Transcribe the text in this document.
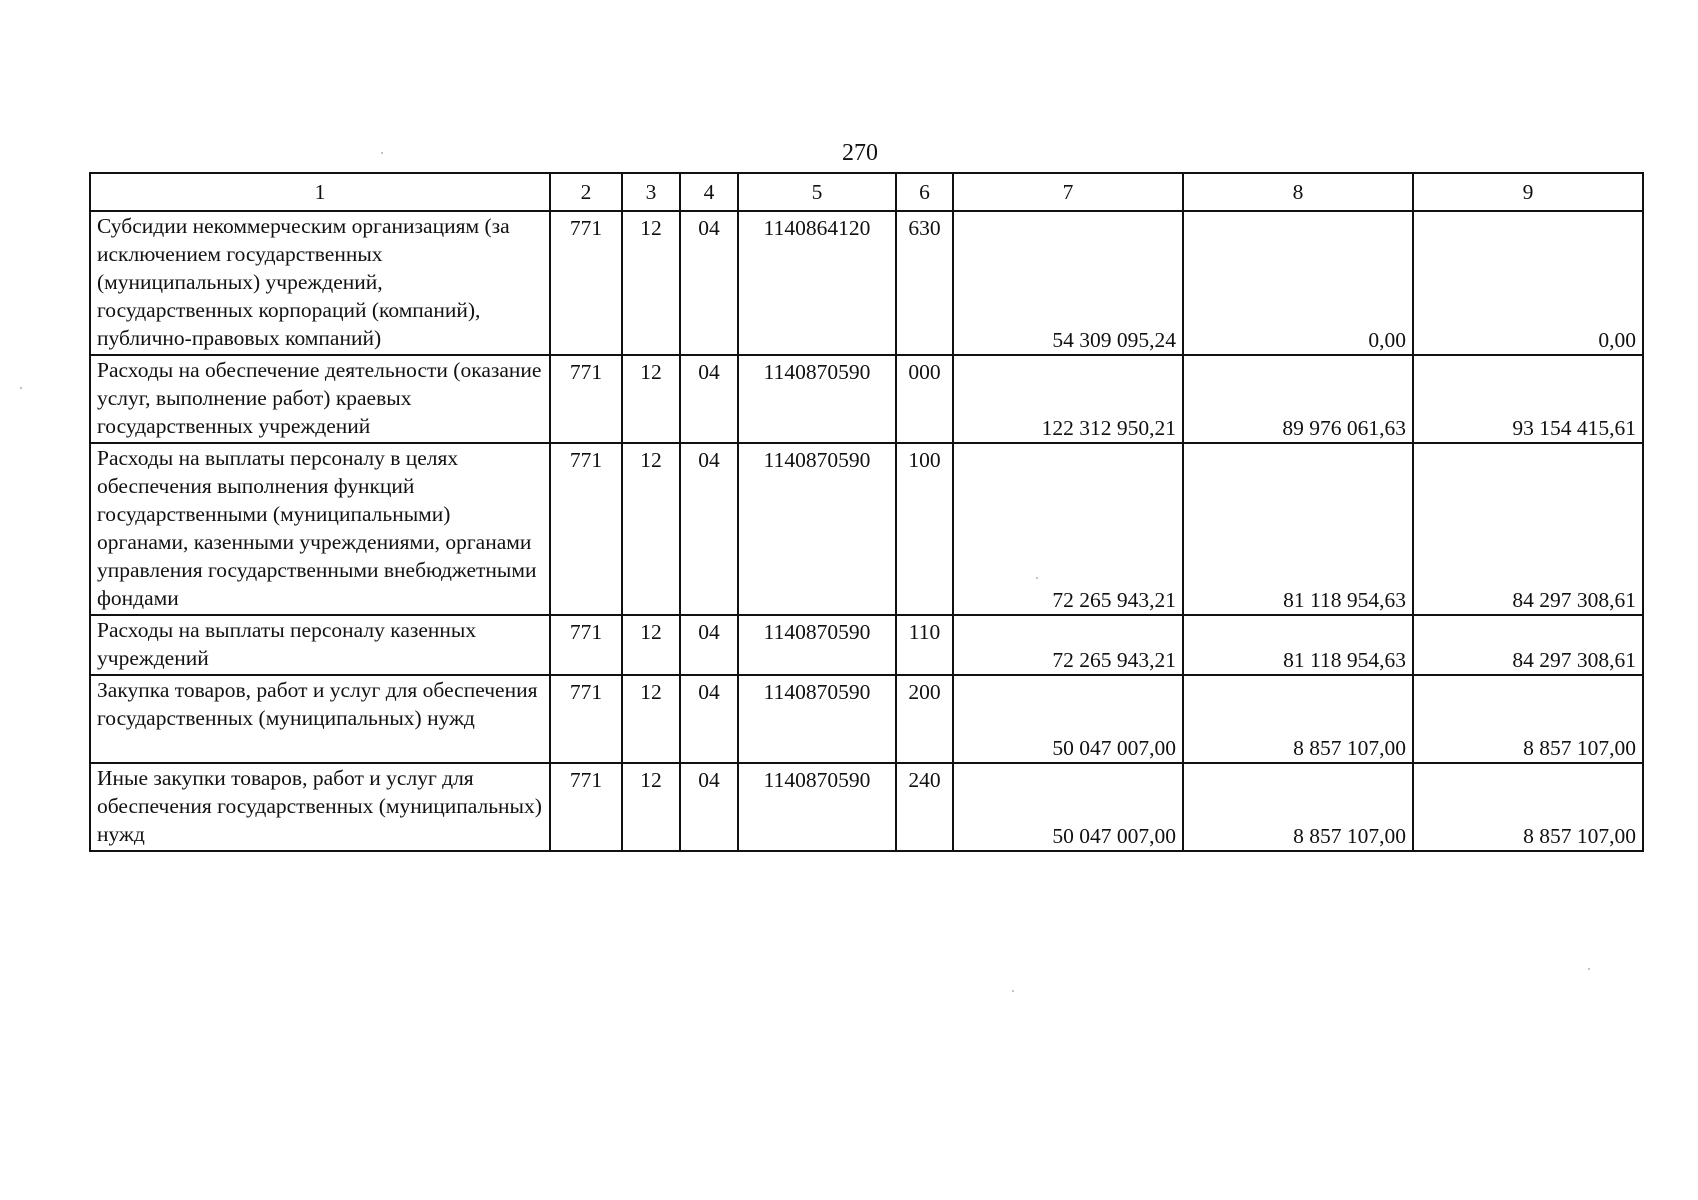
270
1	2	3	4	5	6	7	8	9
Субсидии некоммерческим организациям (за исключением государственных (муниципальных) учреждений, государственных корпораций (компаний), публично-правовых компаний)	771	12	04	1140864120	630	54 309 095,24	0,00	0,00
Расходы на обеспечение деятельности (оказание услуг, выполнение работ) краевых государственных учреждений	771	12	04	1140870590	000	122 312 950,21	89 976 061,63	93 154 415,61
Расходы на выплаты персоналу в целях обеспечения выполнения функций государственными (муниципальными) органами, казенными учреждениями, органами управления государственными внебюджетными фондами	771	12	04	1140870590	100	72 265 943,21	81 118 954,63	84 297 308,61
Расходы на выплаты персоналу казенных учреждений	771	12	04	1140870590	110	72 265 943,21	81 118 954,63	84 297 308,61
Закупка товаров, работ и услуг для обеспечения государственных (муниципальных) нужд	771	12	04	1140870590	200	50 047 007,00	8 857 107,00	8 857 107,00
Иные закупки товаров, работ и услуг для обеспечения государственных (муниципальных) нужд	771	12	04	1140870590	240	50 047 007,00	8 857 107,00	8 857 107,00
